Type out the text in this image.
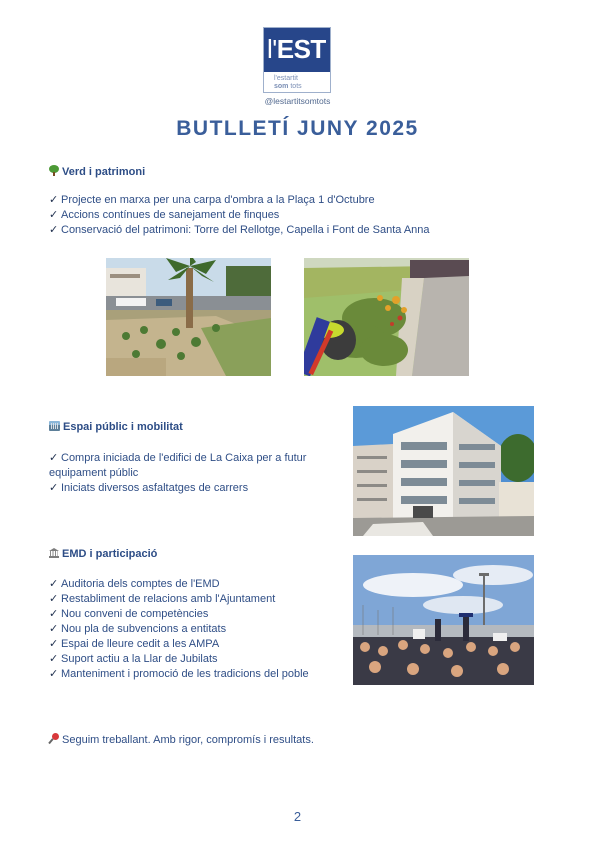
l'EST
l'estartit
som tots
@lestartitsomtots
BUTLLETÍ JUNY 2025
Verd i patrimoni
✓ Projecte en marxa per una carpa d'ombra a la Plaça 1 d'Octubre
✓ Accions contínues de sanejament de finques
✓ Conservació del patrimoni: Torre del Rellotge, Capella i Font de Santa Anna
Espai públic i mobilitat
✓ Compra iniciada de l'edifici de La Caixa per a futur
equipament públic
✓ Iniciats diversos asfaltatges de carrers
EMD i participació
✓ Auditoria dels comptes de l'EMD
✓ Restabliment de relacions amb l'Ajuntament
✓ Nou conveni de competències
✓ Nou pla de subvencions a entitats
✓ Espai de lleure cedit a les AMPA
✓ Suport actiu a la Llar de Jubilats
✓ Manteniment i promoció de les tradicions del poble
Seguim treballant. Amb rigor, compromís i resultats.
2
